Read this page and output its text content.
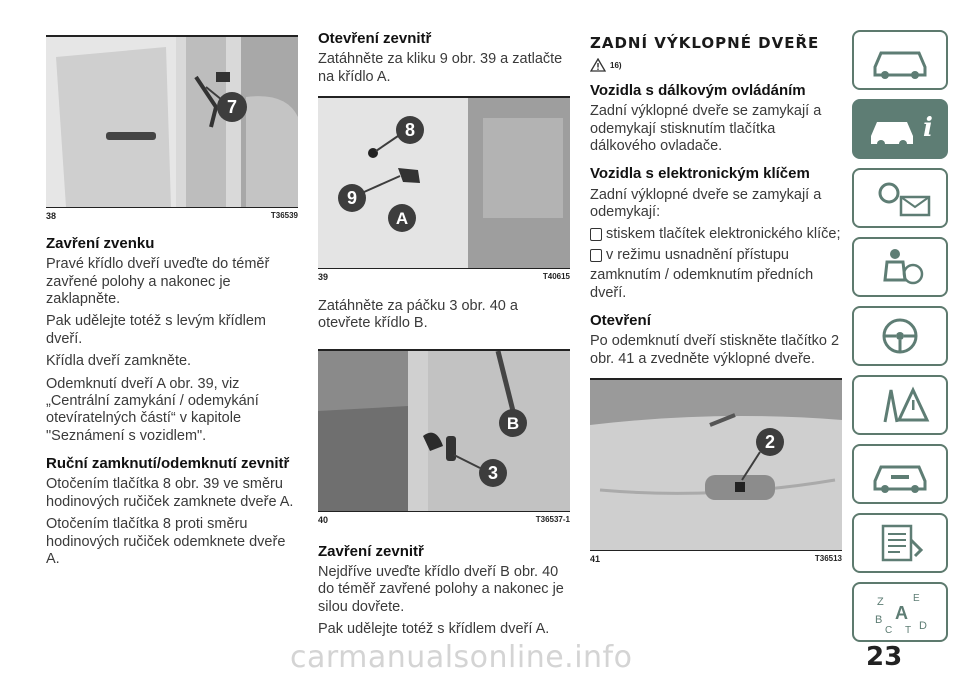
7
38	T36539
Zavření zvenku

Pravé křídlo dveří uveďte do téměř zavřené polohy a nakonec je zaklapněte.

Pak udělejte totéž s levým křídlem dveří.

Křídla dveří zamkněte.

Odemknutí dveří A obr. 39, viz „Centrální zamykání / odemykání otevíratelných částí“ v kapitole "Seznámení s vozidlem".

Ruční zamknutí/odemknutí zevnitř

Otočením tlačítka 8 obr. 39 ve směru hodinových ručiček zamknete dveře A.

Otočením tlačítka 8 proti směru hodinových ručiček odemknete dveře A.

Otevření zevnitř

Zatáhněte za kliku 9 obr. 39 a zatlačte na křídlo A.

8
9
A
39	T40615

Zatáhněte za páčku 3 obr. 40 a otevřete křídlo B.

B
3
40	T36537-1
Zavření zevnitř

Nejdříve uveďte křídlo dveří B obr. 40 do téměř zavřené polohy a nakonec je silou dovřete.

Pak udělejte totéž s křídlem dveří A.

ZADNÍ VÝKLOPNÉ DVEŘE
16)
Vozidla s dálkovým ovládáním

Zadní výklopné dveře se zamykají a odemykají stisknutím tlačítka dálkového ovladače.

Vozidla s elektronickým klíčem

Zadní výklopné dveře se zamykají a odemykají:

stiskem tlačítek elektronického klíče;
v režimu usnadnění přístupu

zamknutím / odemknutím předních dveří.

Otevření

Po odemknutí dveří stiskněte tlačítko 2 obr. 41 a zvedněte výklopné dveře.

2
41	T36513
i
Z	E
A
B
C T D
carmanualsonline.info	23
